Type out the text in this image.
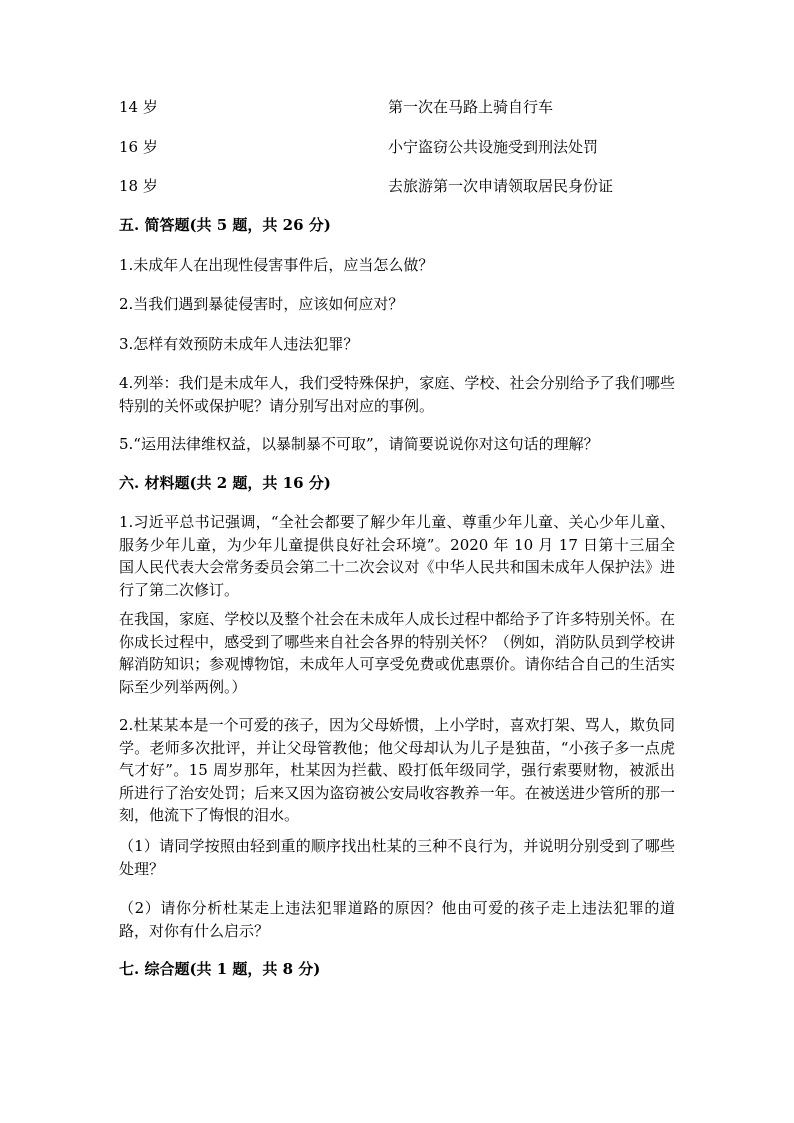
14 岁	第一次在马路上骑自行车
16 岁	小宁盗窃公共设施受到刑法处罚
18 岁	去旅游第一次申请领取居民身份证
五. 简答题(共 5 题，共 26 分)
1.未成年人在出现性侵害事件后，应当怎么做？
2.当我们遇到暴徒侵害时，应该如何应对？
3.怎样有效预防未成年人违法犯罪？
4.列举：我们是未成年人，我们受特殊保护，家庭、学校、社会分别给予了我们哪些特别的关怀或保护呢？请分别写出对应的事例。
5.“运用法律维权益，以暴制暴不可取”，请简要说说你对这句话的理解？
六. 材料题(共 2 题，共 16 分)
1.习近平总书记强调，“全社会都要了解少年儿童、尊重少年儿童、关心少年儿童、服务少年儿童，为少年儿童提供良好社会环境”。2020 年 10 月 17 日第十三届全国人民代表大会常务委员会第二十二次会议对《中华人民共和国未成年人保护法》进行了第二次修订。
在我国，家庭、学校以及整个社会在未成年人成长过程中都给予了许多特别关怀。在你成长过程中，感受到了哪些来自社会各界的特别关怀？（例如，消防队员到学校讲解消防知识；参观博物馆，未成年人可享受免费或优惠票价。请你结合自己的生活实际至少列举两例。）
2.杜某某本是一个可爱的孩子，因为父母娇惯，上小学时，喜欢打架、骂人，欺负同学。老师多次批评，并让父母管教他；他父母却认为儿子是独苗，“小孩子多一点虎气才好”。15 周岁那年，杜某因为拦截、殴打低年级同学，强行索要财物，被派出所进行了治安处罚；后来又因为盗窃被公安局收容教养一年。在被送进少管所的那一刻，他流下了悔恨的泪水。
（1）请同学按照由轻到重的顺序找出杜某的三种不良行为，并说明分别受到了哪些处理？
（2）请你分析杜某走上违法犯罪道路的原因？他由可爱的孩子走上违法犯罪的道路，对你有什么启示？
七. 综合题(共 1 题，共 8 分)
